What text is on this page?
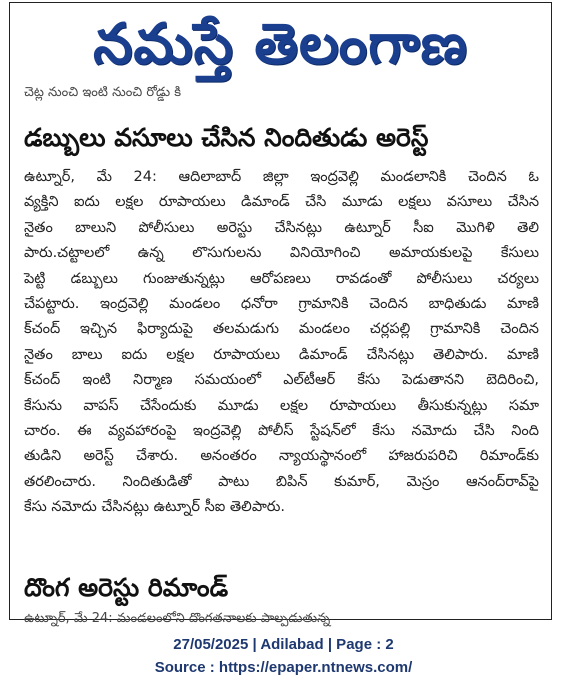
నమస్తే తెలంగాణ
చెట్ల నుంచి ఇంటి నుంచి రోడ్డు కి
డబ్బులు వసూలు చేసిన నిందితుడు అరెస్ట్
ఉట్నూర్, మే 24: ఆదిలాబాద్ జిల్లా ఇంద్రవెల్లి మండలానికి చెందిన ఓ
వ్యక్తిని ఐదు లక్షల రూపాయలు డిమాండ్ చేసి మూడు లక్షలు వసూలు చేసిన
నైతం బాలుని పోలీసులు అరెస్టు చేసినట్లు ఉట్నూర్ సీఐ మొగిళి తెలి
పారు.చట్టాలలో ఉన్న లొసుగులను వినియోగించి అమాయకులపై కేసులు
పెట్టి డబ్బులు గుంజుతున్నట్లు ఆరోపణలు రావడంతో పోలీసులు చర్యలు
చేపట్టారు. ఇంద్రవెల్లి మండలం ధనోరా గ్రామానికి చెందిన బాధితుడు మాణి
క్‌చంద్ ఇచ్చిన ఫిర్యాదుపై తలమడుగు మండలం చర్లపల్లి గ్రామానికి చెందిన
నైతం బాలు ఐదు లక్షల రూపాయలు డిమాండ్ చేసినట్లు తెలిపారు. మాణి
క్‌చంద్ ఇంటి నిర్మాణ సమయంలో ఎల్‌టీఆర్ కేసు పెడుతానని బెదిరించి,
కేసును వాపస్ చేసేందుకు మూడు లక్షల రూపాయలు తీసుకున్నట్లు సమా
చారం. ఈ వ్యవహారంపై ఇంద్రవెల్లి పోలీస్ స్టేషన్‌లో కేసు నమోదు చేసి నింది
తుడిని అరెస్ట్ చేశారు. అనంతరం న్యాయస్థానంలో హాజరుపరిచి రిమాండ్‌కు
తరలించారు. నిందితుడితో పాటు బిపిన్ కుమార్, మెస్రం ఆనంద్‌రావ్‌పై
కేసు నమోదు చేసినట్లు ఉట్నూర్ సీఐ తెలిపారు.
దొంగ అరెస్టు రిమాండ్
ఉట్నూర్, మే 24: మండలంలోని దొంగతనాలకు పాల్పడుతున్న
27/05/2025 | Adilabad | Page : 2
Source : https://epaper.ntnews.com/
